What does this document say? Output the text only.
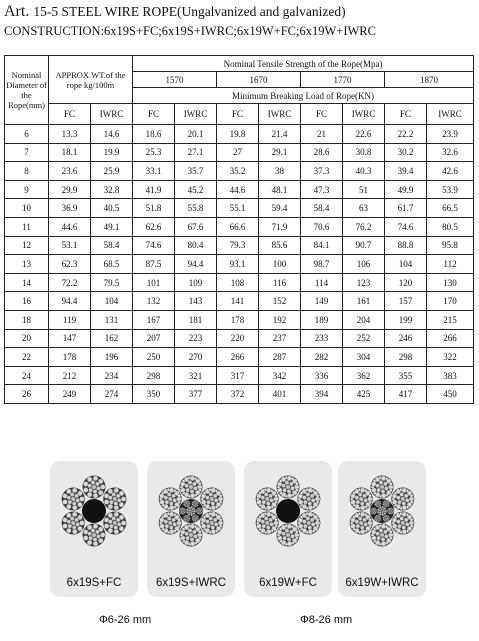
Art. 15-5 STEEL WIRE ROPE(Ungalvanized and galvanized)
CONSTRUCTION:6x19S+FC;6x19S+IWRC;6x19W+FC;6x19W+IWRC
Nominal Diameter of the Rope(mm)	APPROX.WT.of the rope kg/100m		Nominal Tensile Strength of the Rope(Mpa)							
			1570		1670		1770		1870	
			Minimum Breaking Load of Rope(KN)							
	FC	IWRC	FC	IWRC	FC	IWRC	FC	IWRC	FC	IWRC
6	13.3	14.6	18.6	20.1	19.8	21.4	21	22.6	22.2	23.9
7	18.1	19.9	25.3	27.1	27	29.1	28.6	30.8	30.2	32.6
8	23.6	25.9	33.1	35.7	35.2	38	37.3	40.3	39.4	42.6
9	29.9	32.8	41.9	45.2	44.6	48.1	47.3	51	49.9	53.9
10	36.9	40.5	51.8	55.8	55.1	59.4	58.4	63	61.7	66.5
11	44.6	49.1	62.6	67.6	66.6	71.9	70.6	76.2	74.6	80.5
12	53.1	58.4	74.6	80.4	79.3	85.6	84.1	90.7	88.8	95.8
13	62.3	68.5	87.5	94.4	93.1	100	98.7	106	104	112
14	72.2	79.5	101	109	108	116	114	123	120	130
16	94.4	104	132	143	141	152	149	161	157	170
18	119	131	167	181	178	192	189	204	199	215
20	147	162	207	223	220	237	233	252	246	266
22	178	196	250	270	266	287	282	304	298	322
24	212	234	298	321	317	342	336	362	355	383
26	249	274	350	377	372	401	394	425	417	450
6x19S+FC	6x19S+IWRC	6x19W+FC	6x19W+IWRC
Φ6-26 mm	Φ8-26 mm
